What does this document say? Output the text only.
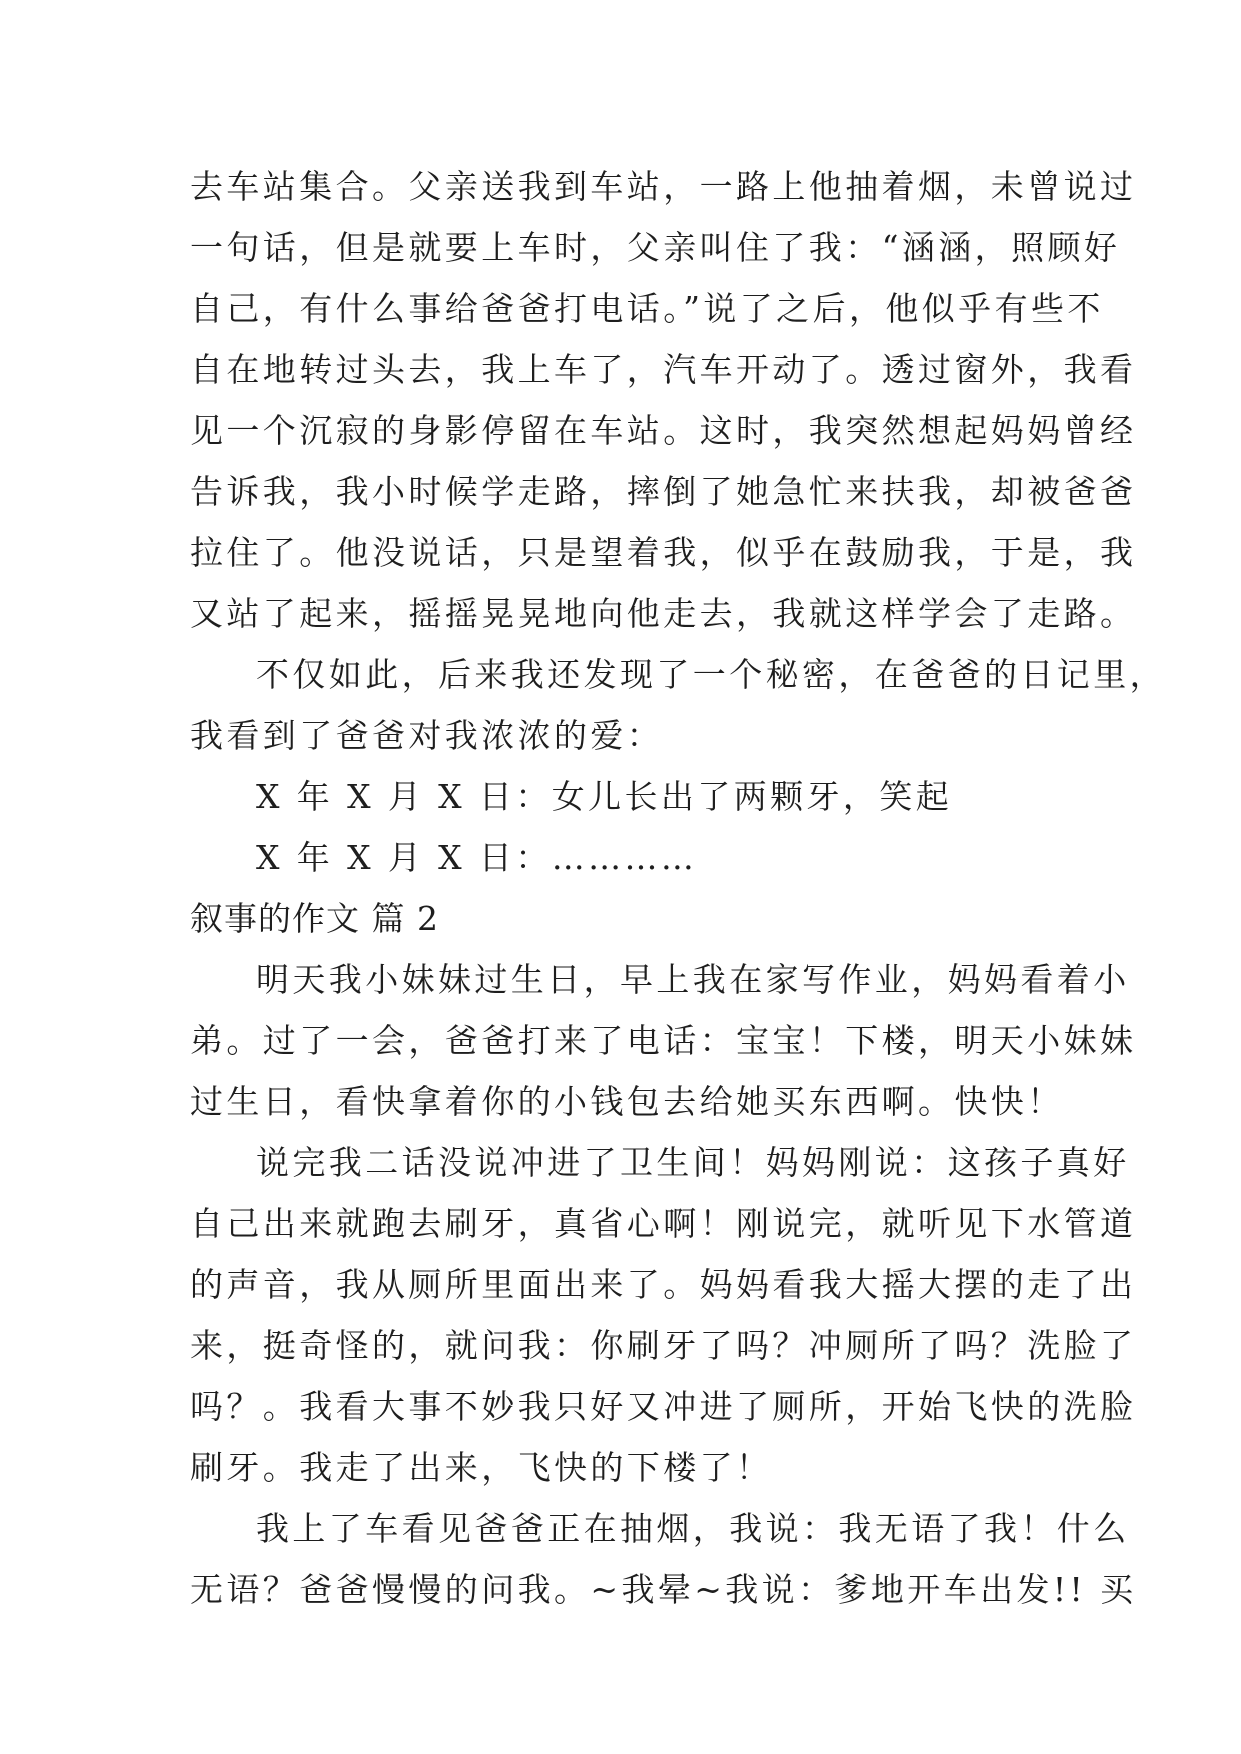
去车站集合。父亲送我到车站，一路上他抽着烟，未曾说过
一句话，但是就要上车时，父亲叫住了我：“涵涵，照顾好
自己，有什么事给爸爸打电话。”说了之后，他似乎有些不
自在地转过头去，我上车了，汽车开动了。透过窗外，我看
见一个沉寂的身影停留在车站。这时，我突然想起妈妈曾经
告诉我，我小时候学走路，摔倒了她急忙来扶我，却被爸爸
拉住了。他没说话，只是望着我，似乎在鼓励我，于是，我
又站了起来，摇摇晃晃地向他走去，我就这样学会了走路。
不仅如此，后来我还发现了一个秘密，在爸爸的日记里，
我看到了爸爸对我浓浓的爱：
X 年 X 月 X 日：女儿长出了两颗牙，笑起
X 年 X 月 X 日：…………
叙事的作文 篇 2
明天我小妹妹过生日，早上我在家写作业，妈妈看着小
弟。过了一会，爸爸打来了电话：宝宝！下楼，明天小妹妹
过生日，看快拿着你的小钱包去给她买东西啊。快快！
说完我二话没说冲进了卫生间！妈妈刚说：这孩子真好
自己出来就跑去刷牙，真省心啊！刚说完，就听见下水管道
的声音，我从厕所里面出来了。妈妈看我大摇大摆的走了出
来，挺奇怪的，就问我：你刷牙了吗？冲厕所了吗？洗脸了
吗？。我看大事不妙我只好又冲进了厕所，开始飞快的洗脸
刷牙。我走了出来，飞快的下楼了！
我上了车看见爸爸正在抽烟，我说：我无语了我！什么
无语？爸爸慢慢的问我。~我晕~我说：爹地开车出发!! 买
